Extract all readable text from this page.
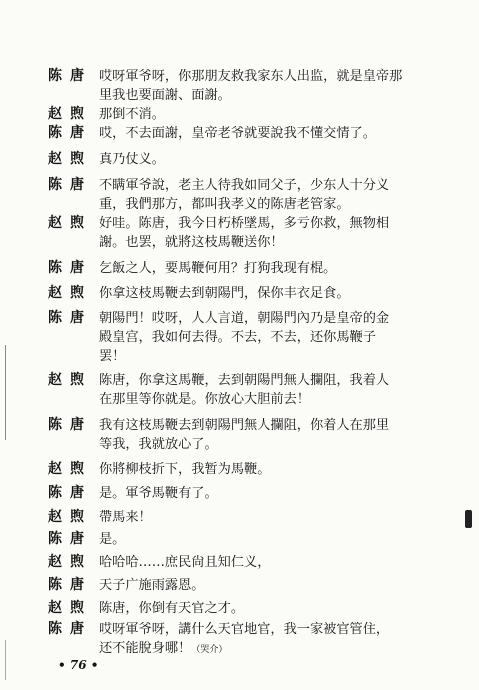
陈 唐 哎呀軍爷呀，你那朋友救我家东人出监，就是皇帝那
里我也要面謝、面謝。
赵 煦 那倒不消。
陈 唐 哎，不去面謝，皇帝老爷就要說我不懂交情了。
赵 煦 真乃仗义。
陈 唐 不瞒軍爷說，老主人待我如同父子，少东人十分义
重，我們那方，都叫我孝义的陈唐老管家。
赵 煦 好哇。陈唐，我今日朽桥墜馬，多亏你救，無物相
謝。也罢，就將这枝馬鞭送你！
陈 唐 乞飯之人，要馬鞭何用？打狗我现有棍。
赵 煦 你拿这枝馬鞭去到朝陽門，保你丰衣足食。
陈 唐 朝陽門！哎呀，人人言道，朝陽門內乃是皇帝的金
殿皇宫，我如何去得。不去，不去，还你馬鞭子
罢！
赵 煦 陈唐，你拿这馬鞭，去到朝陽門無人攔阻，我着人
在那里等你就是。你放心大胆前去！
陈 唐 我有这枝馬鞭去到朝陽門無人攔阻，你着人在那里
等我，我就放心了。
赵 煦 你將柳枝折下，我暂为馬鞭。
陈 唐 是。軍爷馬鞭有了。
赵 煦 帶馬来！
陈 唐 是。
赵 煦 哈哈哈……庶民尙且知仁义，
陈 唐 天子广施雨露恩。
赵 煦 陈唐，你倒有天官之才。
陈 唐 哎呀軍爷呀，講什么天官地官，我一家被官管住，
还不能脫身哪！（哭介）
• 76 •
